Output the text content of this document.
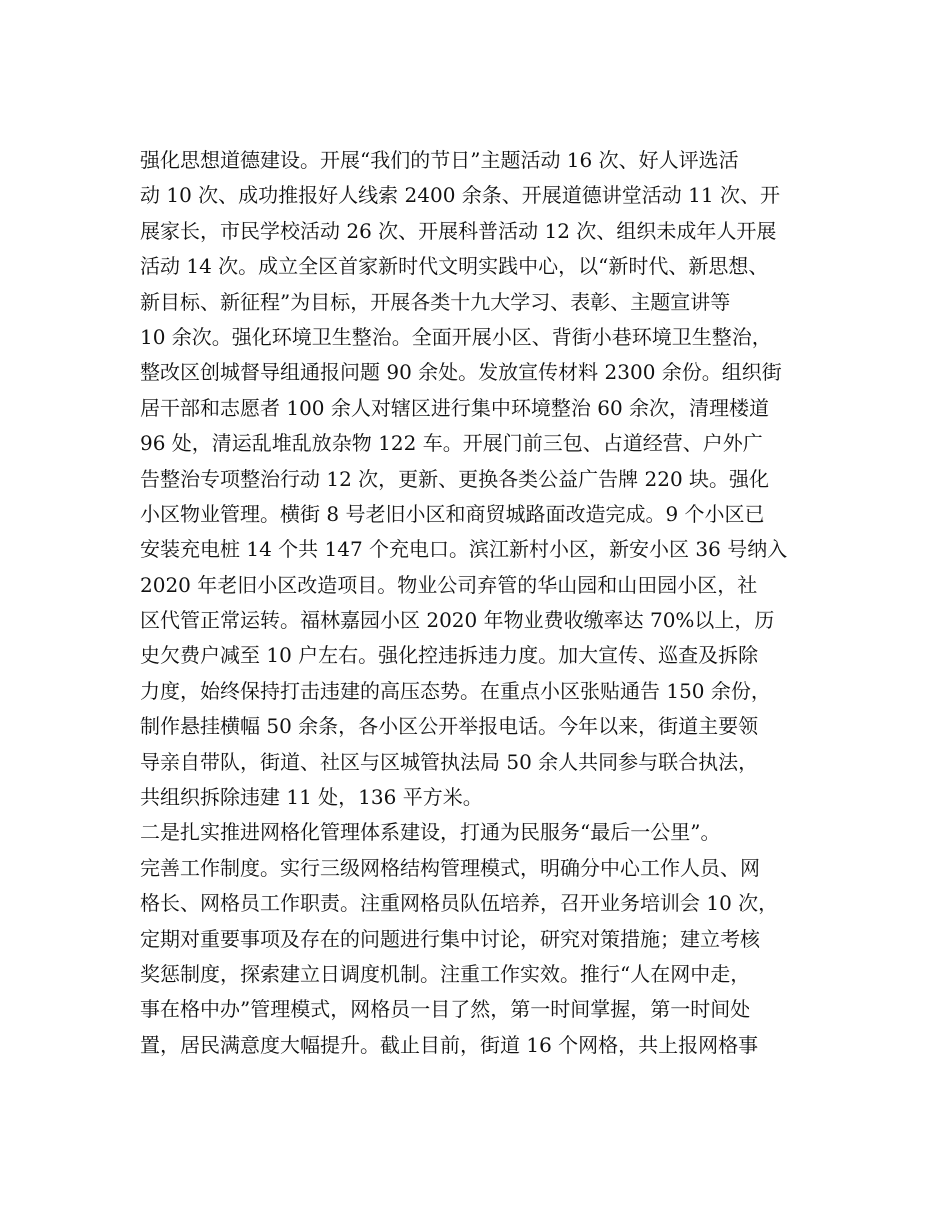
强化思想道德建设。开展“我们的节日”主题活动 16 次、好人评选活
动 10 次、成功推报好人线索 2400 余条、开展道德讲堂活动 11 次、开
展家长，市民学校活动 26 次、开展科普活动 12 次、组织未成年人开展
活动 14 次。成立全区首家新时代文明实践中心，以“新时代、新思想、
新目标、新征程”为目标，开展各类十九大学习、表彰、主题宣讲等
10 余次。强化环境卫生整治。全面开展小区、背街小巷环境卫生整治，
整改区创城督导组通报问题 90 余处。发放宣传材料 2300 余份。组织街
居干部和志愿者 100 余人对辖区进行集中环境整治 60 余次，清理楼道
96 处，清运乱堆乱放杂物 122 车。开展门前三包、占道经营、户外广
告整治专项整治行动 12 次，更新、更换各类公益广告牌 220 块。强化
小区物业管理。横街 8 号老旧小区和商贸城路面改造完成。9 个小区已
安装充电桩 14 个共 147 个充电口。滨江新村小区，新安小区 36 号纳入
2020 年老旧小区改造项目。物业公司弃管的华山园和山田园小区，社
区代管正常运转。福林嘉园小区 2020 年物业费收缴率达 70%以上，历
史欠费户减至 10 户左右。强化控违拆违力度。加大宣传、巡查及拆除
力度，始终保持打击违建的高压态势。在重点小区张贴通告 150 余份，
制作悬挂横幅 50 余条，各小区公开举报电话。今年以来，街道主要领
导亲自带队，街道、社区与区城管执法局 50 余人共同参与联合执法，
共组织拆除违建 11 处，136 平方米。
二是扎实推进网格化管理体系建设，打通为民服务“最后一公里”。
完善工作制度。实行三级网格结构管理模式，明确分中心工作人员、网
格长、网格员工作职责。注重网格员队伍培养，召开业务培训会 10 次，
定期对重要事项及存在的问题进行集中讨论，研究对策措施；建立考核
奖惩制度，探索建立日调度机制。注重工作实效。推行“人在网中走，
事在格中办”管理模式，网格员一目了然，第一时间掌握，第一时间处
置，居民满意度大幅提升。截止目前，街道 16 个网格，共上报网格事
